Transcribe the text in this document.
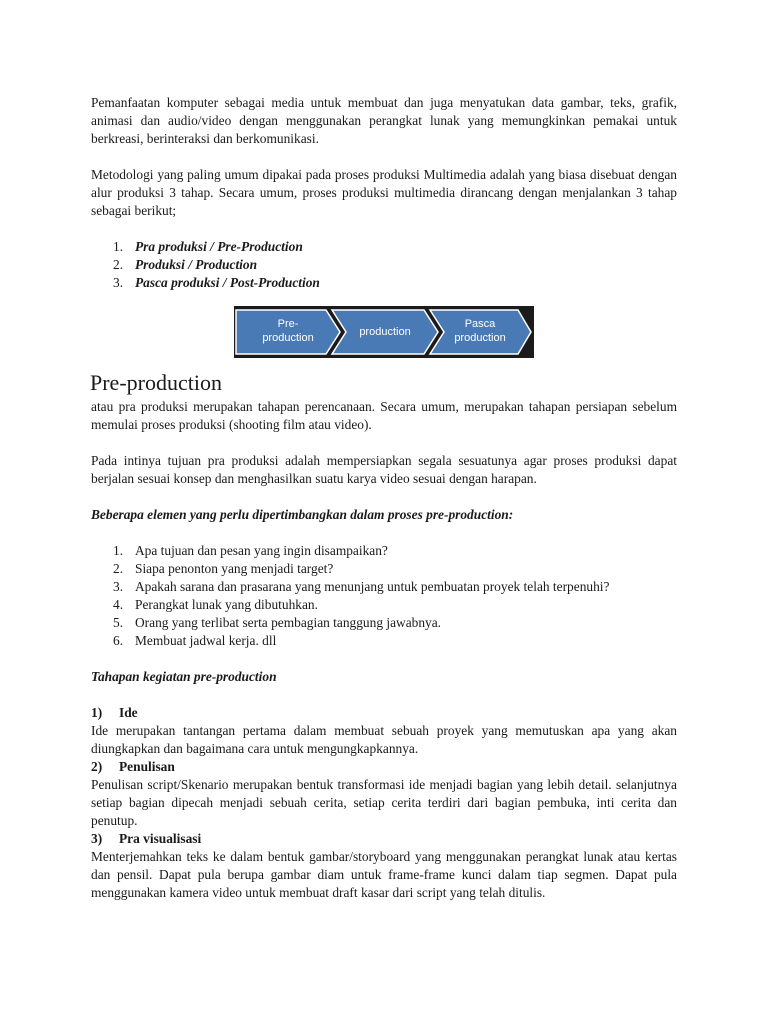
Pemanfaatan komputer sebagai media untuk membuat dan juga menyatukan data gambar, teks, grafik, animasi dan audio/video dengan menggunakan perangkat lunak yang memungkinkan pemakai untuk berkreasi, berinteraksi dan berkomunikasi.

Metodologi yang paling umum dipakai pada proses produksi Multimedia adalah yang biasa disebuat dengan alur produksi 3 tahap. Secara umum, proses produksi multimedia dirancang dengan menjalankan 3 tahap sebagai berikut;

1. Pra produksi / Pre-Production
2. Produksi / Production
3. Pasca produksi / Post-Production
Pre-
production	production
Pasca
production
Pre-production

atau pra produksi merupakan tahapan perencanaan. Secara umum, merupakan tahapan persiapan sebelum memulai proses produksi (shooting film atau video).

Pada intinya tujuan pra produksi adalah mempersiapkan segala sesuatunya agar proses produksi dapat berjalan sesuai konsep dan menghasilkan suatu karya video sesuai dengan harapan.

Beberapa elemen yang perlu dipertimbangkan dalam proses pre-production:

1. Apa tujuan dan pesan yang ingin disampaikan?
2. Siapa penonton yang menjadi target?
3. Apakah sarana dan prasarana yang menunjang untuk pembuatan proyek telah terpenuhi?
4. Perangkat lunak yang dibutuhkan.
5. Orang yang terlibat serta pembagian tanggung jawabnya.
6. Membuat jadwal kerja. dll

Tahapan kegiatan pre-production

1)	Ide

Ide merupakan tantangan pertama dalam membuat sebuah proyek yang memutuskan apa yang akan diungkapkan dan bagaimana cara untuk mengungkapkannya.

2)	Penulisan

Penulisan script/Skenario merupakan bentuk transformasi ide menjadi bagian yang lebih detail. selanjutnya setiap bagian dipecah menjadi sebuah cerita, setiap cerita terdiri dari bagian pembuka, inti cerita dan penutup.

3)	Pra visualisasi

Menterjemahkan teks ke dalam bentuk gambar/storyboard yang menggunakan perangkat lunak atau kertas dan pensil. Dapat pula berupa gambar diam untuk frame-frame kunci dalam tiap segmen. Dapat pula menggunakan kamera video untuk membuat draft kasar dari script yang telah ditulis.
